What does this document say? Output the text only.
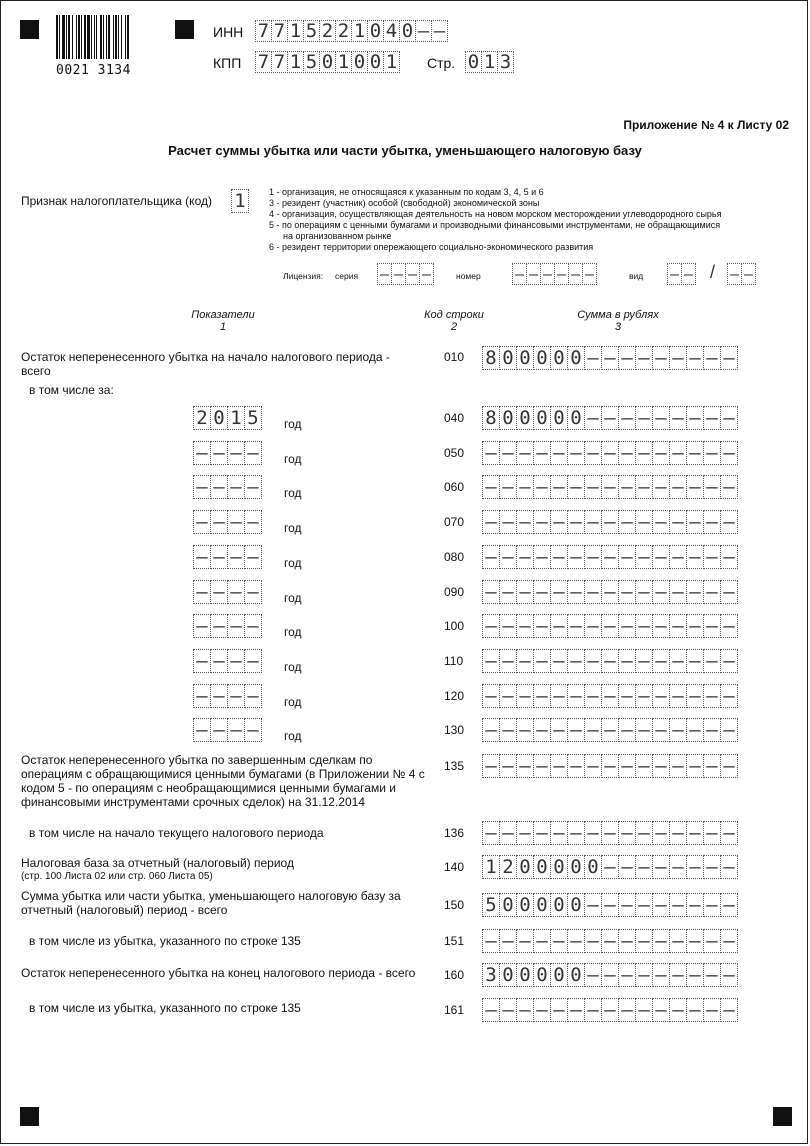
0021 3134
ИНН 7 7 1 5 2 2 1 0 4 0 – –
КПП 7 7 1 5 0 1 0 0 1 Стр. 0 1 3
Приложение № 4 к Листу 02
Расчет суммы убытка или части убытка, уменьшающего налоговую базу
Признак налогоплательщика (код) 1	1 - организация, не относящаяся к указанным по кодам 3, 4, 5 и 6
3 - резидент (участник) особой (свободной) экономической зоны
4 - организация, осуществляющая деятельность на новом морском месторождении углеводородного сырья
5 - по операциям с ценными бумагами и производными финансовыми инструментами, не обращающимися
на организованном рынке
6 - резидент территории опережающего социально-экономического развития
Лицензия: серия – – – –	номер – – – – – –	вид – – / – –
Показатели
1
Код строки
2
Сумма в рублях
3
Остаток неперенесенного убытка на начало налогового периода - всего
010 8 0 0 0 0 0 – – – – – – – – –
в том числе за:
2 0 1 5 год	040 8 0 0 0 0 0 – – – – – – – – –
– – – – год	050 – – – – – – – – – – – – – – –
– – – – год	060 – – – – – – – – – – – – – – –
– – – – год	070 – – – – – – – – – – – – – – –
– – – – год	080 – – – – – – – – – – – – – – –
– – – – год	090 – – – – – – – – – – – – – – –
– – – – год	100 – – – – – – – – – – – – – – –
– – – – год	110 – – – – – – – – – – – – – – –
– – – – год	120 – – – – – – – – – – – – – – –
– – – – год	130 – – – – – – – – – – – – – – –
Остаток неперенесенного убытка по завершенным сделкам по операциям с обращающимися ценными бумагами (в Приложении № 4 с кодом 5 - по операциям с необращающимися ценными бумагами и финансовыми инструментами срочных сделок) на 31.12.2014
135 – – – – – – – – – – – – – – –
в том числе на начало текущего налогового периода	136 – – – – – – – – – – – – – – –
Налоговая база за отчетный (налоговый) период
(стр. 100 Листа 02 или стр. 060 Листа 05)
140 1 2 0 0 0 0 0 – – – – – – – –
Сумма убытка или части убытка, уменьшающего налоговую базу за отчетный (налоговый) период - всего	150 5 0 0 0 0 0 – – – – – – – – –
в том числе из убытка, указанного по строке 135	151 – – – – – – – – – – – – – – –
Остаток неперенесенного убытка на конец налогового периода - всего 160 3 0 0 0 0 0 – – – – – – – – –
в том числе из убытка, указанного по строке 135	161 – – – – – – – – – – – – – – –
